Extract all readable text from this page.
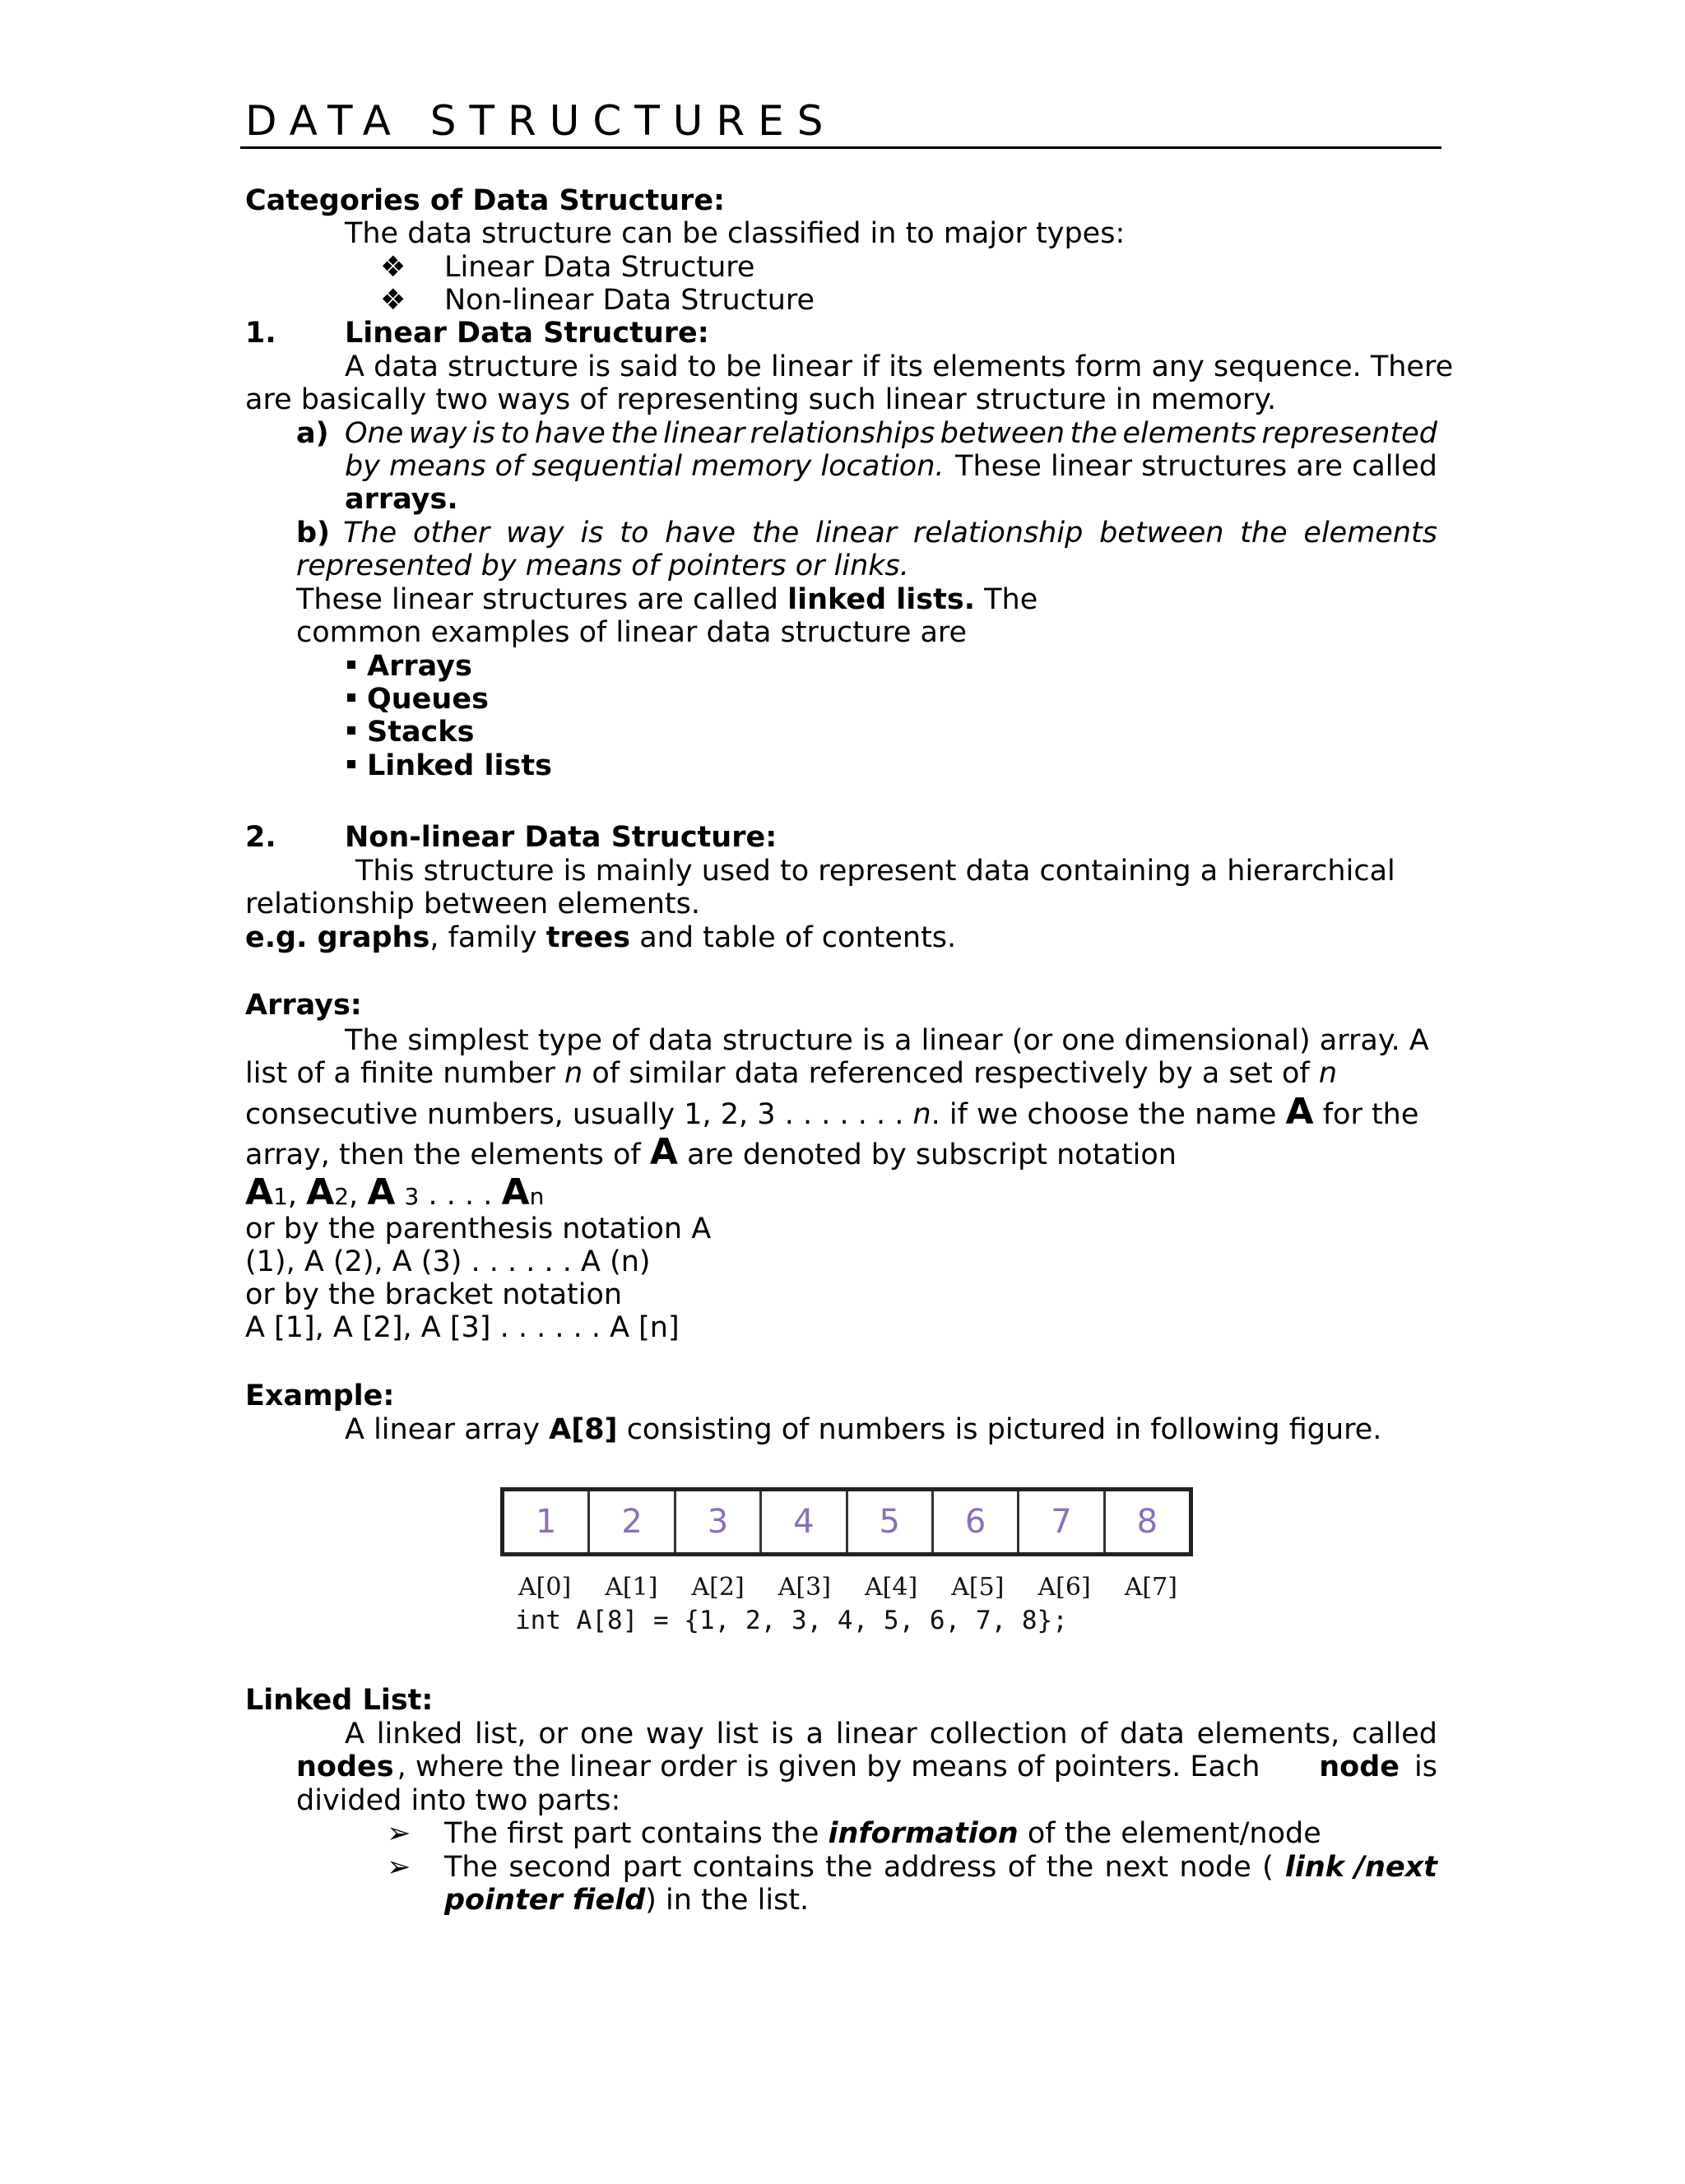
DATA STRUCTURES
Categories of Data Structure:
The data structure can be classified in to major types:
❖ Linear Data Structure
❖ Non-linear Data Structure
1. Linear Data Structure:
A data structure is said to be linear if its elements form any sequence. There
are basically two ways of representing such linear structure in memory.
a) One way is to have the linear relationships between the elements represented
by means of sequential memory location. These linear structures are called
arrays.
b) The other way is to have the linear relationship between the elements
represented by means of pointers or links.
These linear structures are called linked lists. The
common examples of linear data structure are
Arrays
Queues
Stacks
Linked lists
2. Non-linear Data Structure:
This structure is mainly used to represent data containing a hierarchical
relationship between elements.
e.g. graphs, family trees and table of contents.
Arrays:
The simplest type of data structure is a linear (or one dimensional) array. A
list of a finite number n of similar data referenced respectively by a set of n
consecutive numbers, usually 1, 2, 3 . . . . . . . n. if we choose the name A for the
array, then the elements of A are denoted by subscript notation
A1, A2, A 3 . . . . An
or by the parenthesis notation A
(1), A (2), A (3) . . . . . . A (n)
or by the bracket notation
A [1], A [2], A [3] . . . . . . A [n]
Example:
A linear array A[8] consisting of numbers is pictured in following figure.
Linked List:
A linked list, or one way list is a linear collection of data elements, called
nodes , where the linear order is given by means of pointers. Each	node is
divided into two parts:
➢ The first part contains the information of the element/node
➢ The second part contains the address of the next node ( link /next
pointer field) in the list.
1	2	3	4	5	6	7	8
A[0] A[1] A[2] A[3] A[4] A[5] A[6] A[7]
int A[8] = {1, 2, 3, 4, 5, 6, 7, 8};
